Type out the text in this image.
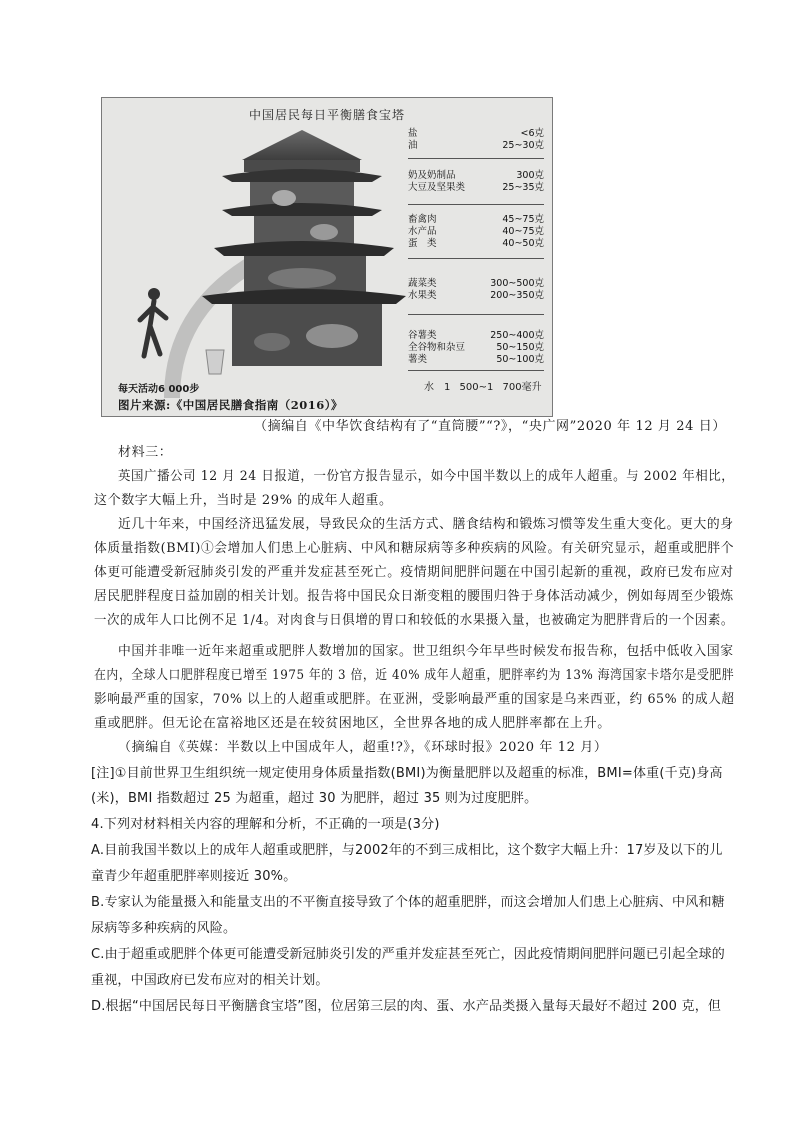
中国居民每日平衡膳食宝塔
盐	<6克
油	25~30克
奶及奶制品	300克
大豆及坚果类	25~35克
畜禽肉	45~75克
水产品	40~75克
蛋　类	40~50克
蔬菜类	300~500克
水果类	200~350克
谷薯类	250~400克
全谷物和杂豆	50~150克
薯类	50~100克
水　1 500~1 700毫升
每天活动6 000步
图片来源:《中国居民膳食指南（2016）》
（摘编自《中华饮食结构有了“直筒腰”“?》，“央广网”2020 年 12 月 24 日）
材料三：
英国广播公司 12 月 24 日报道，一份官方报告显示，如今中国半数以上的成年人超重。与 2002 年相比，
这个数字大幅上升，当时是 29% 的成年人超重。
近几十年来，中国经济迅猛发展，导致民众的生活方式、膳食结构和锻炼习惯等发生重大变化。更大的身
体质量指数(BMI)①会增加人们患上心脏病、中风和糖尿病等多种疾病的风险。有关研究显示，超重或肥胖个
体更可能遭受新冠肺炎引发的严重并发症甚至死亡。疫情期间肥胖问题在中国引起新的重视，政府已发布应对
居民肥胖程度日益加剧的相关计划。报告将中国民众日渐变粗的腰围归咎于身体活动减少，例如每周至少锻炼
一次的成年人口比例不足 1/4。对肉食与日俱增的胃口和较低的水果摄入量，也被确定为肥胖背后的一个因素。
中国并非唯一近年来超重或肥胖人数增加的国家。世卫组织今年早些时候发布报告称，包括中低收入国家
在内，全球人口肥胖程度已增至 1975 年的 3 倍，近 40% 成年人超重，肥胖率约为 13% 海湾国家卡塔尔是受肥胖
影响最严重的国家，70% 以上的人超重或肥胖。在亚洲，受影响最严重的国家是乌来西亚，约 65% 的成人超
重或肥胖。但无论在富裕地区还是在较贫困地区，全世界各地的成人肥胖率都在上升。
（摘编自《英媒：半数以上中国成年人，超重!?》，《环球时报》2020 年 12 月）
[注]①目前世界卫生组织统一规定使用身体质量指数(BMI)为衡量肥胖以及超重的标准，BMI=体重(千克)身高
(米)，BMI 指数超过 25 为超重，超过 30 为肥胖，超过 35 则为过度肥胖。
4.下列对材料相关内容的理解和分析，不正确的一项是(3分)
A.目前我国半数以上的成年人超重或肥胖，与2002年的不到三成相比，这个数字大幅上升：17岁及以下的儿
童青少年超重肥胖率则接近 30%。
B.专家认为能量摄入和能量支出的不平衡直接导致了个体的超重肥胖，而这会增加人们患上心脏病、中风和糖
尿病等多种疾病的风险。
C.由于超重或肥胖个体更可能遭受新冠肺炎引发的严重并发症甚至死亡，因此疫情期间肥胖问题已引起全球的
重视，中国政府已发布应对的相关计划。
D.根据“中国居民每日平衡膳食宝塔”图，位居第三层的肉、蛋、水产品类摄入量每天最好不超过 200 克，但
